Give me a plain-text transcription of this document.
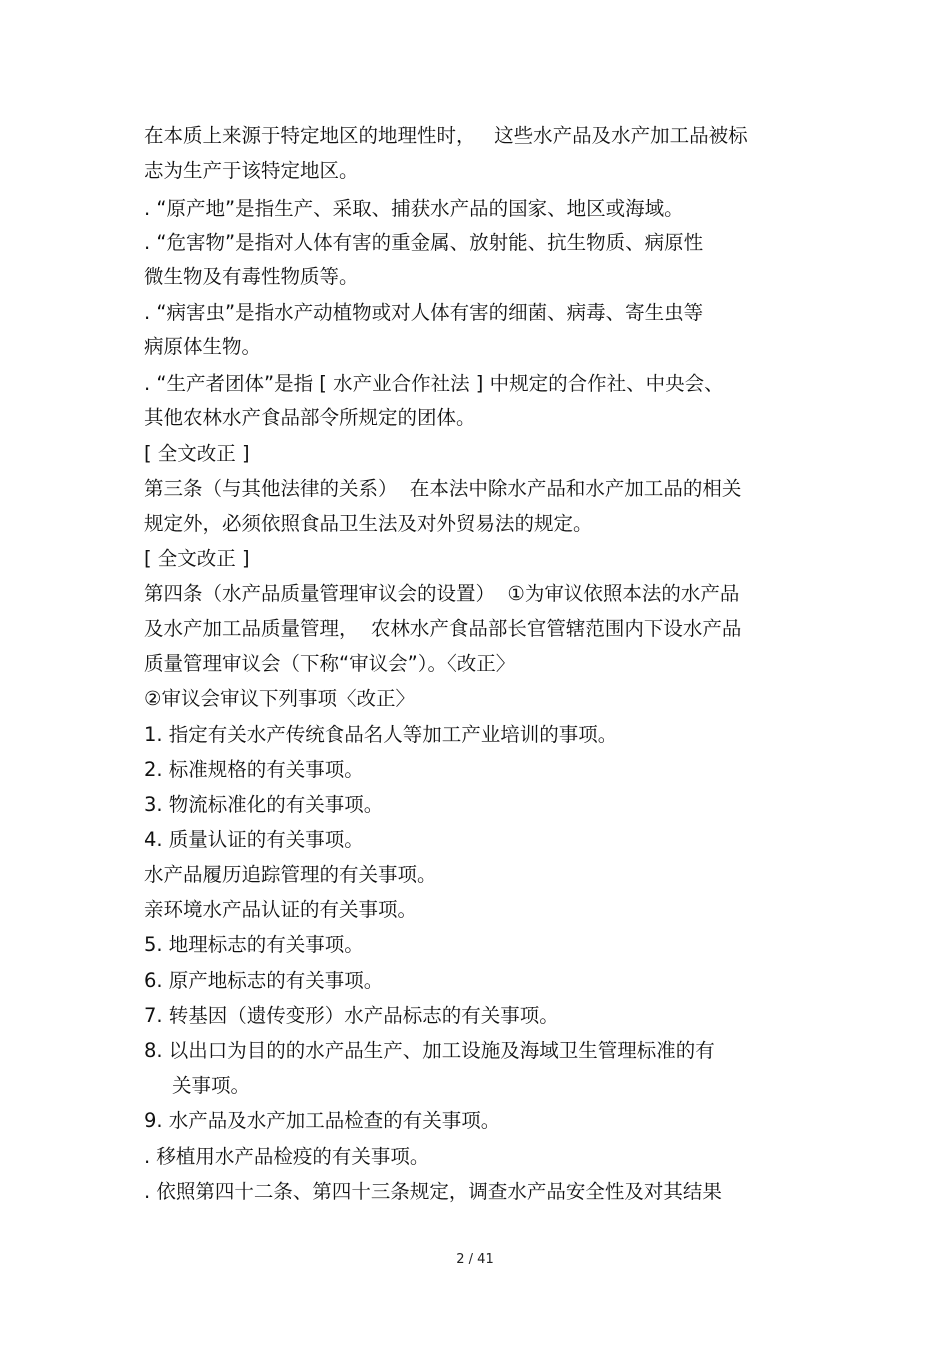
在本质上来源于特定地区的地理性时，   这些水产品及水产加工品被标
志为生产于该特定地区。
. “原产地”是指生产、采取、捕获水产品的国家、地区或海域。
. “危害物”是指对人体有害的重金属、放射能、抗生物质、病原性
微生物及有毒性物质等。
. “病害虫”是指水产动植物或对人体有害的细菌、病毒、寄生虫等
病原体生物。
. “生产者团体”是指 [ 水产业合作社法 ] 中规定的合作社、中央会、
其他农林水产食品部令所规定的团体。
[ 全文改正 ]
第三条（与其他法律的关系）  在本法中除水产品和水产加工品的相关
规定外，必须依照食品卫生法及对外贸易法的规定。
[ 全文改正 ]
第四条（水产品质量管理审议会的设置）  ①为审议依照本法的水产品
及水产加工品质量管理，  农林水产食品部长官管辖范围内下设水产品
质量管理审议会（下称“审议会”）。〈改正〉
②审议会审议下列事项〈改正〉
1. 指定有关水产传统食品名人等加工产业培训的事项。
2. 标准规格的有关事项。
3. 物流标准化的有关事项。
4. 质量认证的有关事项。
水产品履历追踪管理的有关事项。
亲环境水产品认证的有关事项。
5. 地理标志的有关事项。
6. 原产地标志的有关事项。
7. 转基因（遗传变形）水产品标志的有关事项。
8. 以出口为目的的水产品生产、加工设施及海域卫生管理标准的有
关事项。
9. 水产品及水产加工品检查的有关事项。
. 移植用水产品检疫的有关事项。
. 依照第四十二条、第四十三条规定，调查水产品安全性及对其结果
2 / 41
